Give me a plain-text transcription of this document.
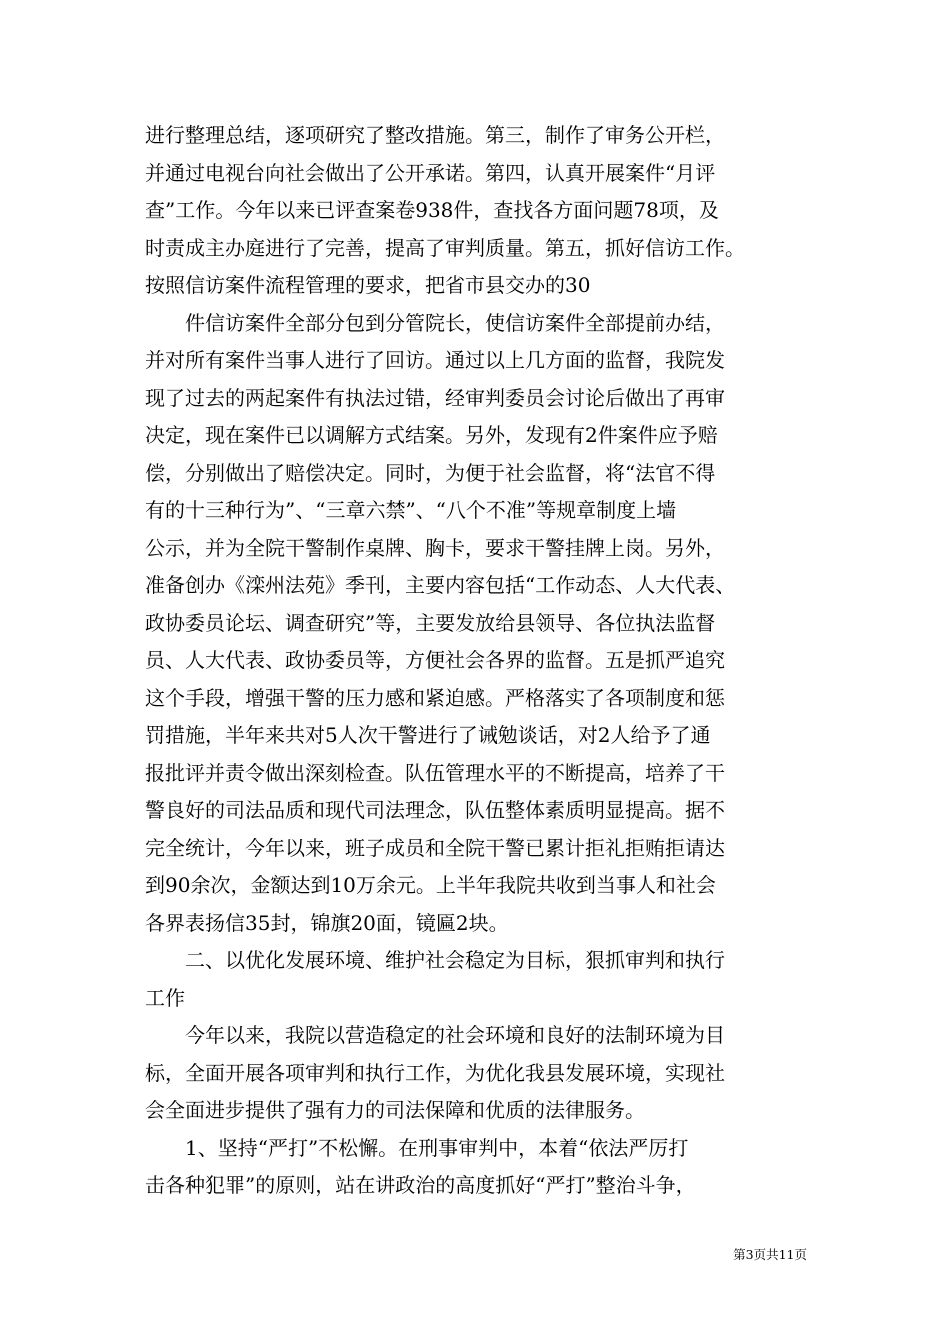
进行整理总结，逐项研究了整改措施。第三，制作了审务公开栏，
并通过电视台向社会做出了公开承诺。第四，认真开展案件“月评
查”工作。今年以来已评查案卷938件，查找各方面问题78项，及
时责成主办庭进行了完善，提高了审判质量。第五，抓好信访工作。
按照信访案件流程管理的要求，把省市县交办的30
件信访案件全部分包到分管院长，使信访案件全部提前办结，
并对所有案件当事人进行了回访。通过以上几方面的监督，我院发
现了过去的两起案件有执法过错，经审判委员会讨论后做出了再审
决定，现在案件已以调解方式结案。另外，发现有2件案件应予赔
偿，分别做出了赔偿决定。同时，为便于社会监督，将“法官不得
有的十三种行为”、“三章六禁”、“八个不准”等规章制度上墙
公示，并为全院干警制作桌牌、胸卡，要求干警挂牌上岗。另外，
准备创办《滦州法苑》季刊，主要内容包括“工作动态、人大代表、
政协委员论坛、调查研究”等，主要发放给县领导、各位执法监督
员、人大代表、政协委员等，方便社会各界的监督。五是抓严追究
这个手段，增强干警的压力感和紧迫感。严格落实了各项制度和惩
罚措施，半年来共对5人次干警进行了诫勉谈话，对2人给予了通
报批评并责令做出深刻检查。队伍管理水平的不断提高，培养了干
警良好的司法品质和现代司法理念，队伍整体素质明显提高。据不
完全统计，今年以来，班子成员和全院干警已累计拒礼拒贿拒请达
到90余次，金额达到10万余元。上半年我院共收到当事人和社会
各界表扬信35封，锦旗20面，镜匾2块。
二、以优化发展环境、维护社会稳定为目标，狠抓审判和执行
工作
今年以来，我院以营造稳定的社会环境和良好的法制环境为目
标，全面开展各项审判和执行工作，为优化我县发展环境，实现社
会全面进步提供了强有力的司法保障和优质的法律服务。
1、坚持“严打”不松懈。在刑事审判中，本着“依法严厉打
击各种犯罪”的原则，站在讲政治的高度抓好“严打”整治斗争，
第3页共11页
